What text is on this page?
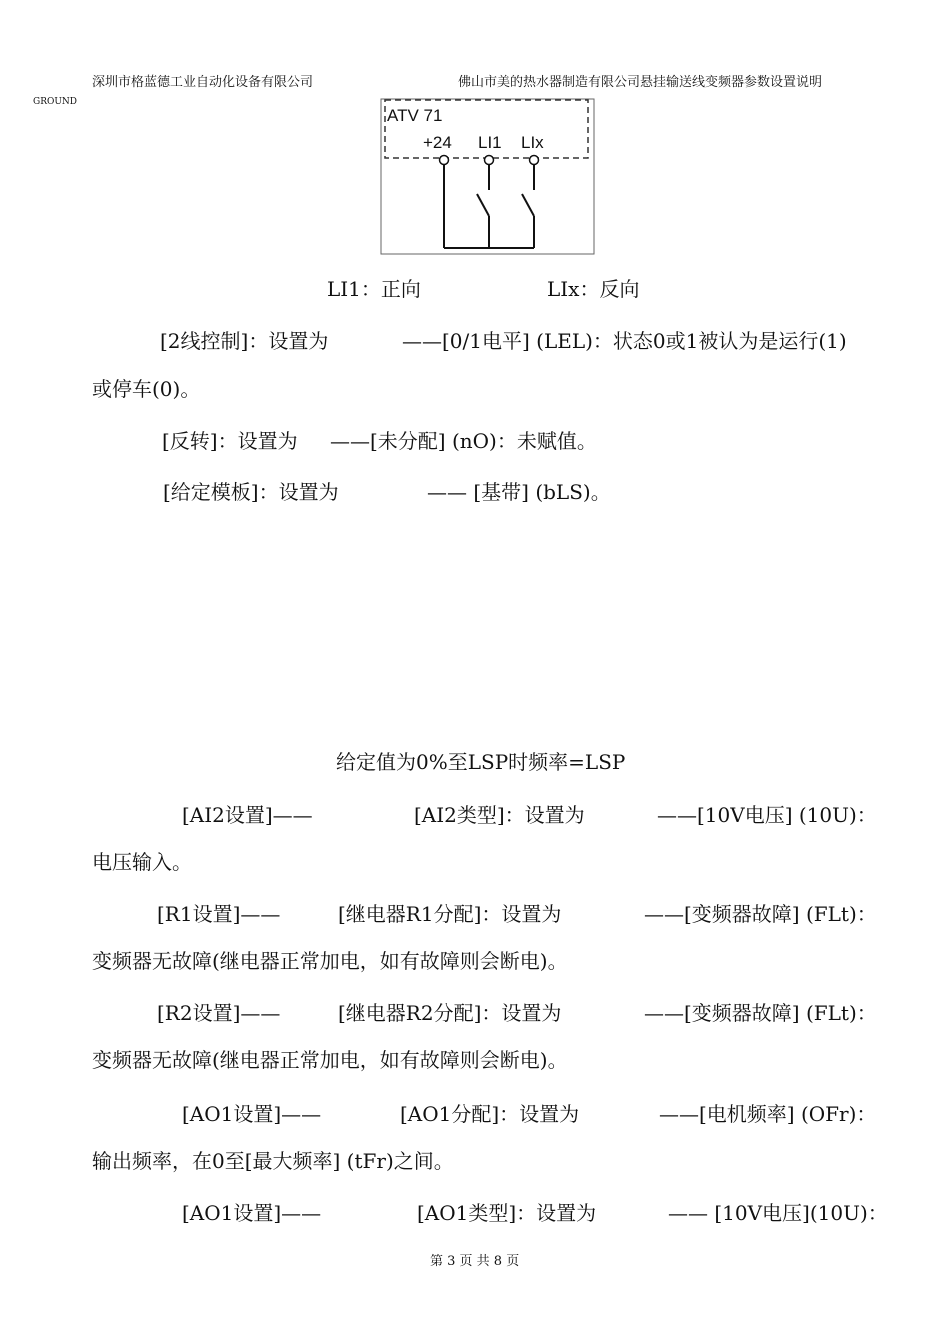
深圳市格蓝德工业自动化设备有限公司	佛山市美的热水器制造有限公司悬挂输送线变频器参数设置说明
GROUND
ATV 71
+24 LI1 LIx
LI1：正向	LIx：反向
[2线控制]：设置为	——[0/1电平] (LEL)：状态0或1被认为是运行(1)
或停车(0)。
[反转]：设置为 ——[未分配] (nO)：未赋值。
[给定模板]：设置为	—— [基带] (bLS)。
给定值为0%至LSP时频率=LSP
[AI2设置]——	[AI2类型]：设置为	——[10V电压] (10U)：
电压输入。
[R1设置]——	[继电器R1分配]：设置为	——[变频器故障] (FLt)：
变频器无故障(继电器正常加电，如有故障则会断电)。
[R2设置]——	[继电器R2分配]：设置为	——[变频器故障] (FLt)：
变频器无故障(继电器正常加电，如有故障则会断电)。
[AO1设置]——	[AO1分配]：设置为	——[电机频率] (OFr)：
输出频率，在0至[最大频率] (tFr)之间。
[AO1设置]——	[AO1类型]：设置为	—— [10V电压](10U)：
第 3 页 共 8 页
